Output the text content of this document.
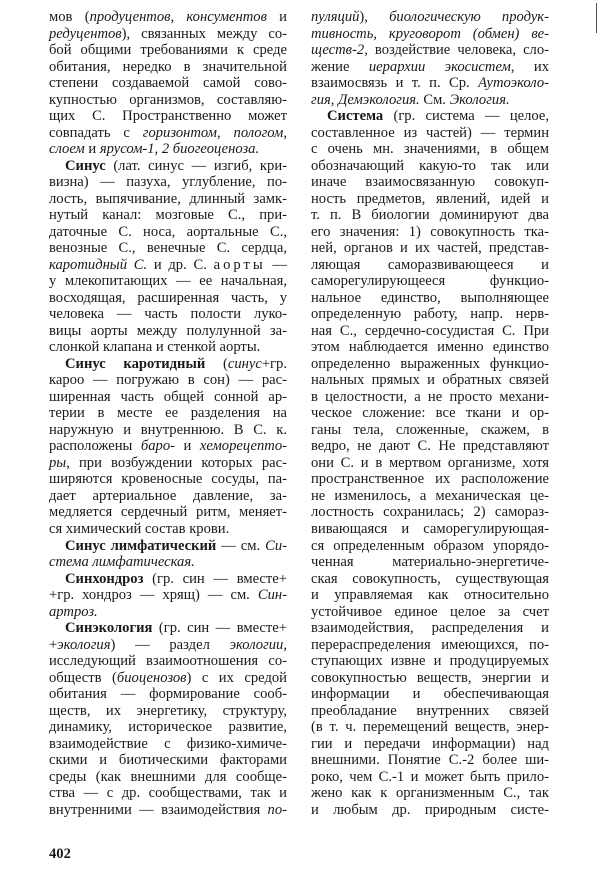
мов (продуцентов, консументов и
редуцентов), связанных между со-
бой общими требованиями к среде
обитания, нередко в значительной
степени создаваемой самой сово-
купностью организмов, составляю-
щих С. Пространственно может
совпадать с горизонтом, пологом,
слоем и ярусом-1, 2 биогеоценоза.
Синус (лат. синус — изгиб, кри-
визна) — пазуха, углубление, по-
лость, выпячивание, длинный замк-
нутый канал: мозговые С., при-
даточные С. носа, аортальные С.,
венозные С., венечные С. сердца,
каротидный С. и др. С. аорты —
у млекопитающих — ее начальная,
восходящая, расширенная часть, у
человека — часть полости луко-
вицы аорты между полулунной за-
слонкой клапана и стенкой аорты.
Синус каротидный (синус+гр.
кароо — погружаю в сон) — рас-
ширенная часть общей сонной ар-
терии в месте ее разделения на
наружную и внутреннюю. В С. к.
расположены баро- и хеморецепто-
ры, при возбуждении которых рас-
ширяются кровеносные сосуды, па-
дает артериальное давление, за-
медляется сердечный ритм, меняет-
ся химический состав крови.
Синус лимфатический — см. Си-
стема лимфатическая.
Синхондроз (гр. син — вместе+
+гр. хондроз — хрящ) — см. Син-
артроз.
Синэкология (гр. син — вместе+
+экология) — раздел экологии,
исследующий взаимоотношения со-
обществ (биоценозов) с их средой
обитания — формирование сооб-
ществ, их энергетику, структуру,
динамику, историческое развитие,
взаимодействие с физико-химиче-
скими и биотическими факторами
среды (как внешними для сообще-
ства — с др. сообществами, так и
внутренними — взаимодействия по-
пуляций), биологическую продук-
тивность, круговорот (обмен) ве-
ществ-2, воздействие человека, сло-
жение иерархии экосистем, их
взаимосвязь и т. п. Ср. Аутоэколо-
гия, Демэкология. См. Экология.
Система (гр. система — целое,
составленное из частей) — термин
с очень мн. значениями, в общем
обозначающий какую-то так или
иначе взаимосвязанную совокуп-
ность предметов, явлений, идей и
т. п. В биологии доминируют два
его значения: 1) совокупность тка-
ней, органов и их частей, представ-
ляющая саморазвивающееся и
саморегулирующееся функцио-
нальное единство, выполняющее
определенную работу, напр. нерв-
ная С., сердечно-сосудистая С. При
этом наблюдается именно единство
определенно выраженных функцио-
нальных прямых и обратных связей
в целостности, а не просто механи-
ческое сложение: все ткани и ор-
ганы тела, сложенные, скажем, в
ведро, не дают С. Не представляют
они С. и в мертвом организме, хотя
пространственное их расположение
не изменилось, а механическая це-
лостность сохранилась; 2) самораз-
вивающаяся и саморегулирующая-
ся определенным образом упорядо-
ченная материально-энергетиче-
ская совокупность, существующая
и управляемая как относительно
устойчивое единое целое за счет
взаимодействия, распределения и
перераспределения имеющихся, по-
ступающих извне и продуцируемых
совокупностью веществ, энергии и
информации и обеспечивающая
преобладание внутренних связей
(в т. ч. перемещений веществ, энер-
гии и передачи информации) над
внешними. Понятие С.-2 более ши-
роко, чем С.-1 и может быть прило-
жено как к организменным С., так
и любым др. природным систе-
402
